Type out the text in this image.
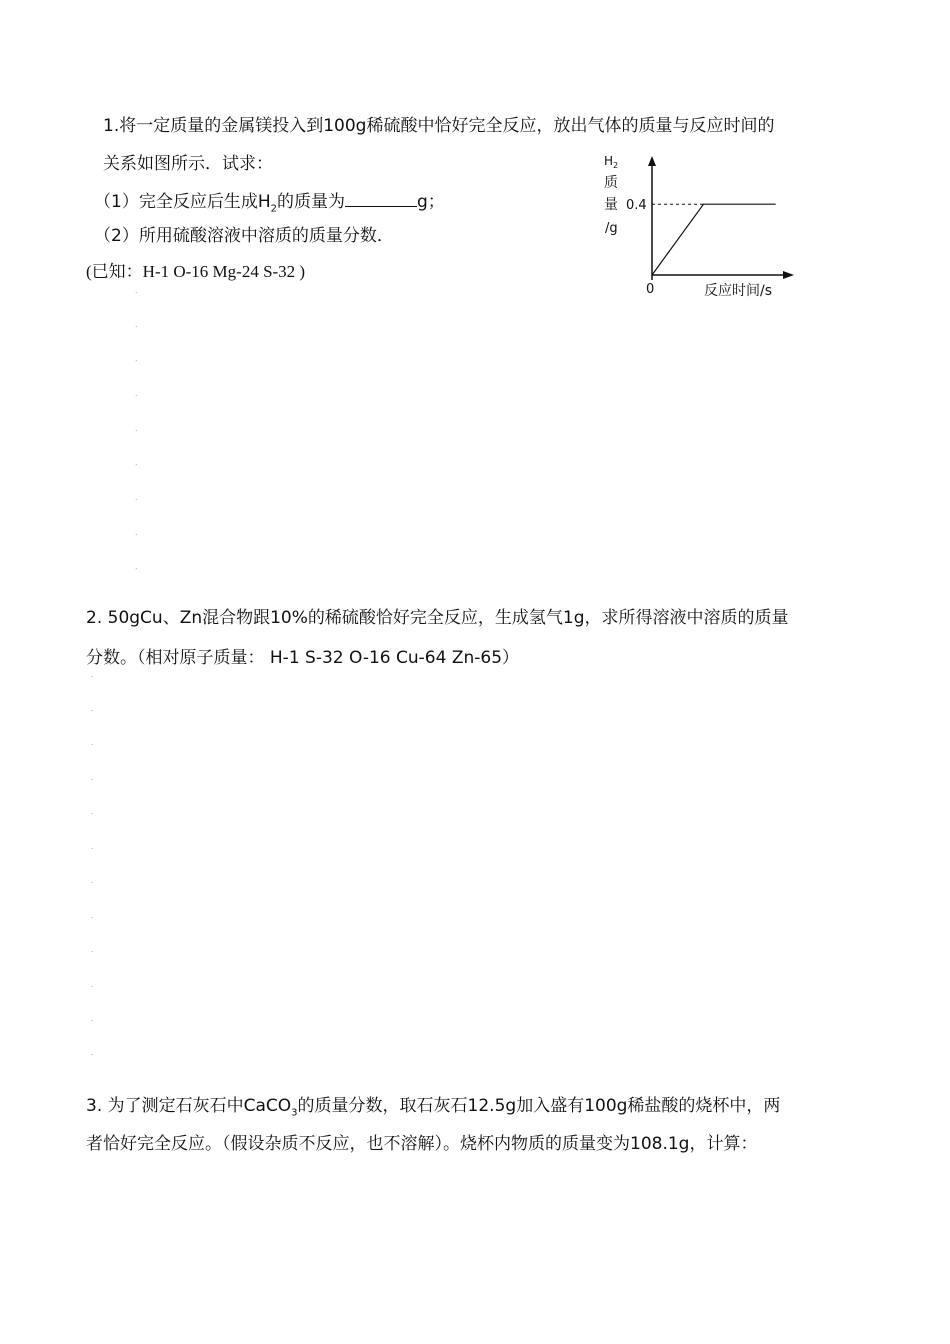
1.将一定质量的金属镁投入到100g稀硫酸中恰好完全反应，放出气体的质量与反应时间的
关系如图所示．试求：
（1）完全反应后生成$H_2$的质量为	g；
（2）所用硫酸溶液中溶质的质量分数．
(已知：H-1 O-16 Mg-24 S-32 )
$H_2$
质
量
/g
0.4
0	反应时间/s
2. 50gCu、Zn混合物跟10%的稀硫酸恰好完全反应，生成氢气1g，求所得溶液中溶质的质量
分数。（相对原子质量： H-1 S-32 O-16 Cu-64 Zn-65）
3. 为了测定石灰石中CaCO$_3$的质量分数，取石灰石12.5g加入盛有100g稀盐酸的烧杯中，两
者恰好完全反应。（假设杂质不反应，也不溶解）。烧杯内物质的质量变为108.1g，计算：
˙
˙
˙
˙
˙
˙
˙
˙
˙
˙
˙
˙
˙
˙
˙
˙
˙
˙
˙
˙
˙
